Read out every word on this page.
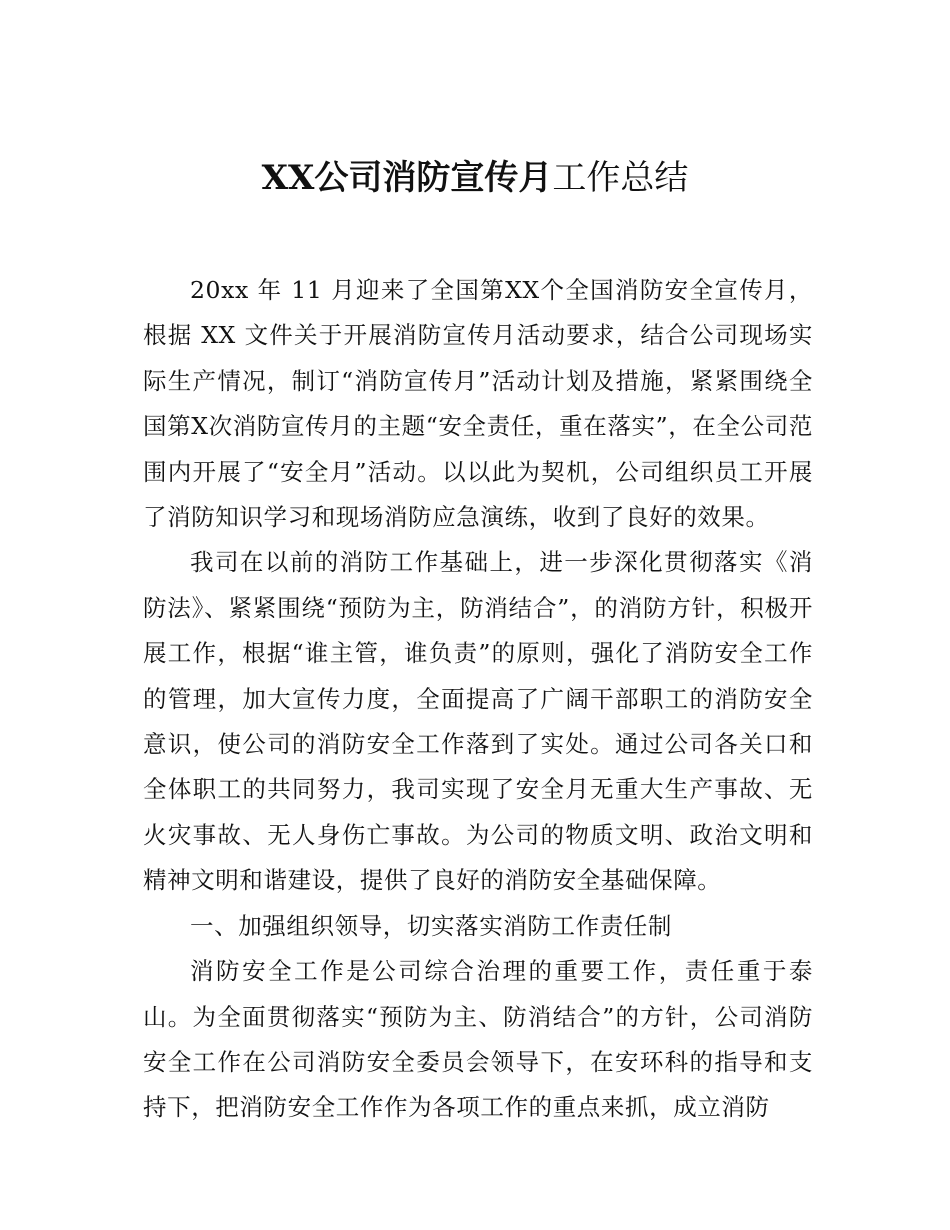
XX公司消防宣传月工作总结

20xx 年 11 月迎来了全国第XX个全国消防安全宣传月，根据 XX 文件关于开展消防宣传月活动要求，结合公司现场实际生产情况，制订“消防宣传月”活动计划及措施，紧紧围绕全国第X次消防宣传月的主题“安全责任，重在落实”，在全公司范围内开展了“安全月”活动。以以此为契机，公司组织员工开展了消防知识学习和现场消防应急演练，收到了良好的效果。

我司在以前的消防工作基础上，进一步深化贯彻落实《消防法》、紧紧围绕“预防为主，防消结合”，的消防方针，积极开展工作，根据“谁主管，谁负责”的原则，强化了消防安全工作的管理，加大宣传力度，全面提高了广阔干部职工的消防安全意识，使公司的消防安全工作落到了实处。通过公司各关口和全体职工的共同努力，我司实现了安全月无重大生产事故、无火灾事故、无人身伤亡事故。为公司的物质文明、政治文明和精神文明和谐建设，提供了良好的消防安全基础保障。

一、加强组织领导，切实落实消防工作责任制

消防安全工作是公司综合治理的重要工作，责任重于泰山。为全面贯彻落实“预防为主、防消结合”的方针，公司消防安全工作在公司消防安全委员会领导下，在安环科的指导和支持下，把消防安全工作作为各项工作的重点来抓，成立消防
